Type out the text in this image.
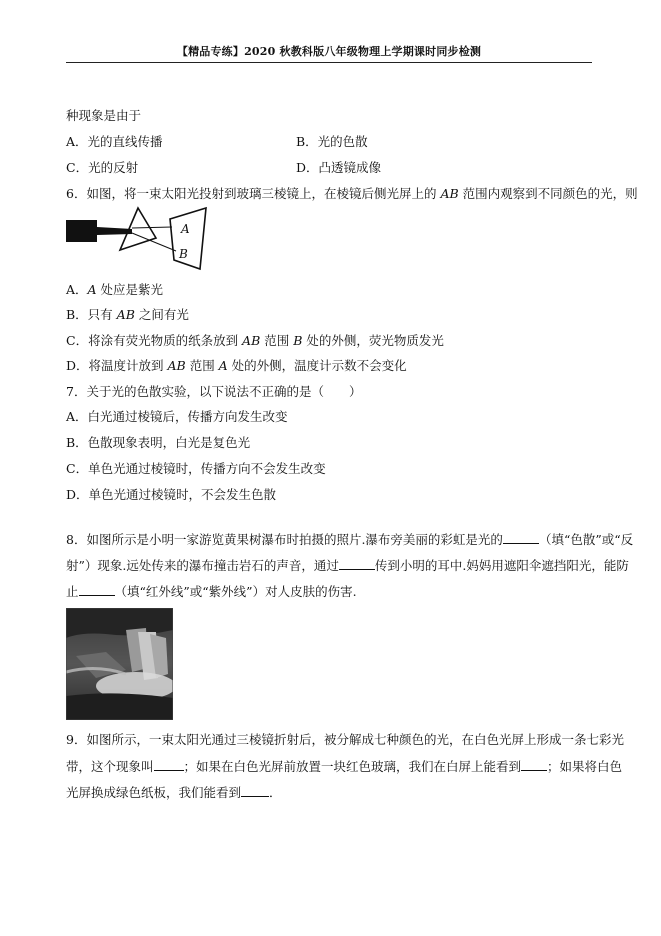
【精品专练】2020 秋教科版八年级物理上学期课时同步检测
种现象是由于
A．光的直线传播	B．光的色散
C．光的反射	D．凸透镜成像
6．如图，将一束太阳光投射到玻璃三棱镜上，在棱镜后侧光屏上的 AB 范围内观察到不同颜色的光，则
A
B
A．A 处应是紫光
B．只有 AB 之间有光
C．将涂有荧光物质的纸条放到 AB 范围 B 处的外侧，荧光物质发光
D．将温度计放到 AB 范围 A 处的外侧，温度计示数不会变化
7．关于光的色散实验，以下说法不正确的是（　　）
A．白光通过棱镜后，传播方向发生改变
B．色散现象表明，白光是复色光
C．单色光通过棱镜时，传播方向不会发生改变
D．单色光通过棱镜时，不会发生色散
8．如图所示是小明一家游览黄果树瀑布时拍摄的照片.瀑布旁美丽的彩虹是光的	（填“色散”或“反
射”）现象.远处传来的瀑布撞击岩石的声音，通过	传到小明的耳中.妈妈用遮阳伞遮挡阳光，能防
止	（填“红外线”或“紫外线”）对人皮肤的伤害.
9．如图所示，一束太阳光通过三棱镜折射后，被分解成七种颜色的光，在白色光屏上形成一条七彩光
带，这个现象叫 ；如果在白色光屏前放置一块红色玻璃，我们在白屏上能看到 ；如果将白色
光屏换成绿色纸板，我们能看到 ．
